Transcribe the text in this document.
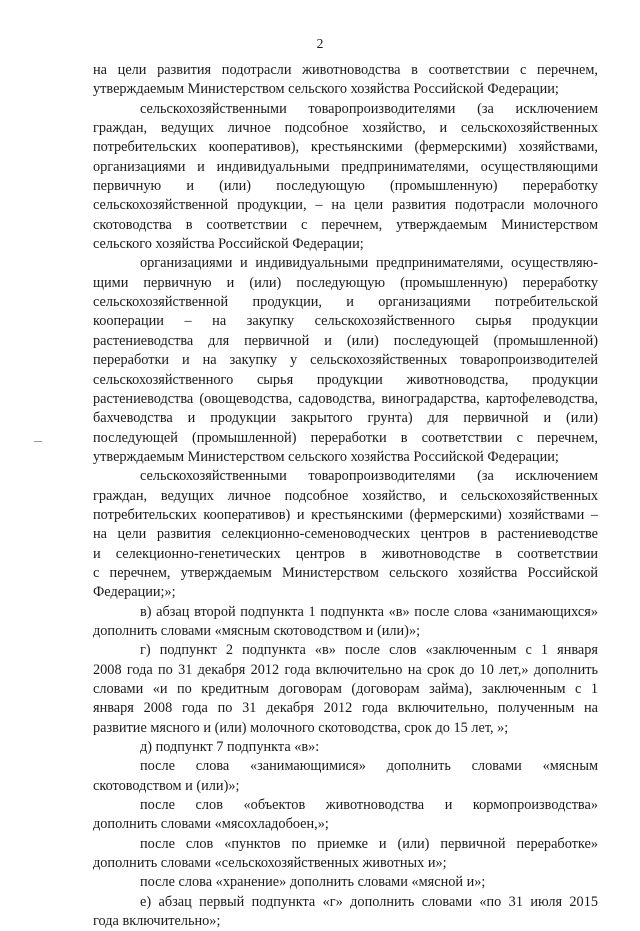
2
на цели развития подотрасли животноводства в соответствии с перечнем,
утверждаемым Министерством сельского хозяйства Российской Федерации;
сельскохозяйственными товаропроизводителями (за исключением
граждан, ведущих личное подсобное хозяйство, и сельскохозяйственных
потребительских кооперативов), крестьянскими (фермерскими) хозяйствами,
организациями и индивидуальными предпринимателями, осуществляющими
первичную и (или) последующую (промышленную) переработку
сельскохозяйственной продукции, – на цели развития подотрасли молочного
скотоводства в соответствии с перечнем, утверждаемым Министерством
сельского хозяйства Российской Федерации;
организациями и индивидуальными предпринимателями, осуществляю-
щими первичную и (или) последующую (промышленную) переработку
сельскохозяйственной продукции, и организациями потребительской
кооперации – на закупку сельскохозяйственного сырья продукции
растениеводства для первичной и (или) последующей (промышленной)
переработки и на закупку у сельскохозяйственных товаропроизводителей
сельскохозяйственного сырья продукции животноводства, продукции
растениеводства (овощеводства, садоводства, виноградарства, картофелеводства,
бахчеводства и продукции закрытого грунта) для первичной и (или)
последующей (промышленной) переработки в соответствии с перечнем,
утверждаемым Министерством сельского хозяйства Российской Федерации;
сельскохозяйственными товаропроизводителями (за исключением
граждан, ведущих личное подсобное хозяйство, и сельскохозяйственных
потребительских кооперативов) и крестьянскими (фермерскими) хозяйствами –
на цели развития селекционно-семеноводческих центров в растениеводстве
и селекционно-генетических центров в животноводстве в соответствии
с перечнем, утверждаемым Министерством сельского хозяйства Российской
Федерации;»;
в) абзац второй подпункта 1 подпункта «в» после слова «занимающихся»
дополнить словами «мясным скотоводством и (или)»;
г) подпункт 2 подпункта «в» после слов «заключенным с 1 января
2008 года по 31 декабря 2012 года включительно на срок до 10 лет,» дополнить
словами «и по кредитным договорам (договорам займа), заключенным с 1
января 2008 года по 31 декабря 2012 года включительно, полученным на
развитие мясного и (или) молочного скотоводства, срок до 15 лет, »;
д) подпункт 7 подпункта «в»:
после слова «занимающимися» дополнить словами «мясным
скотоводством и (или)»;
после слов «объектов животноводства и кормопроизводства»
дополнить словами «мясохладобоен,»;
после слов «пунктов по приемке и (или) первичной переработке»
дополнить словами «сельскохозяйственных животных и»;
после слова «хранение» дополнить словами «мясной и»;
е) абзац первый подпункта «г» дополнить словами «по 31 июля 2015
года включительно»;
